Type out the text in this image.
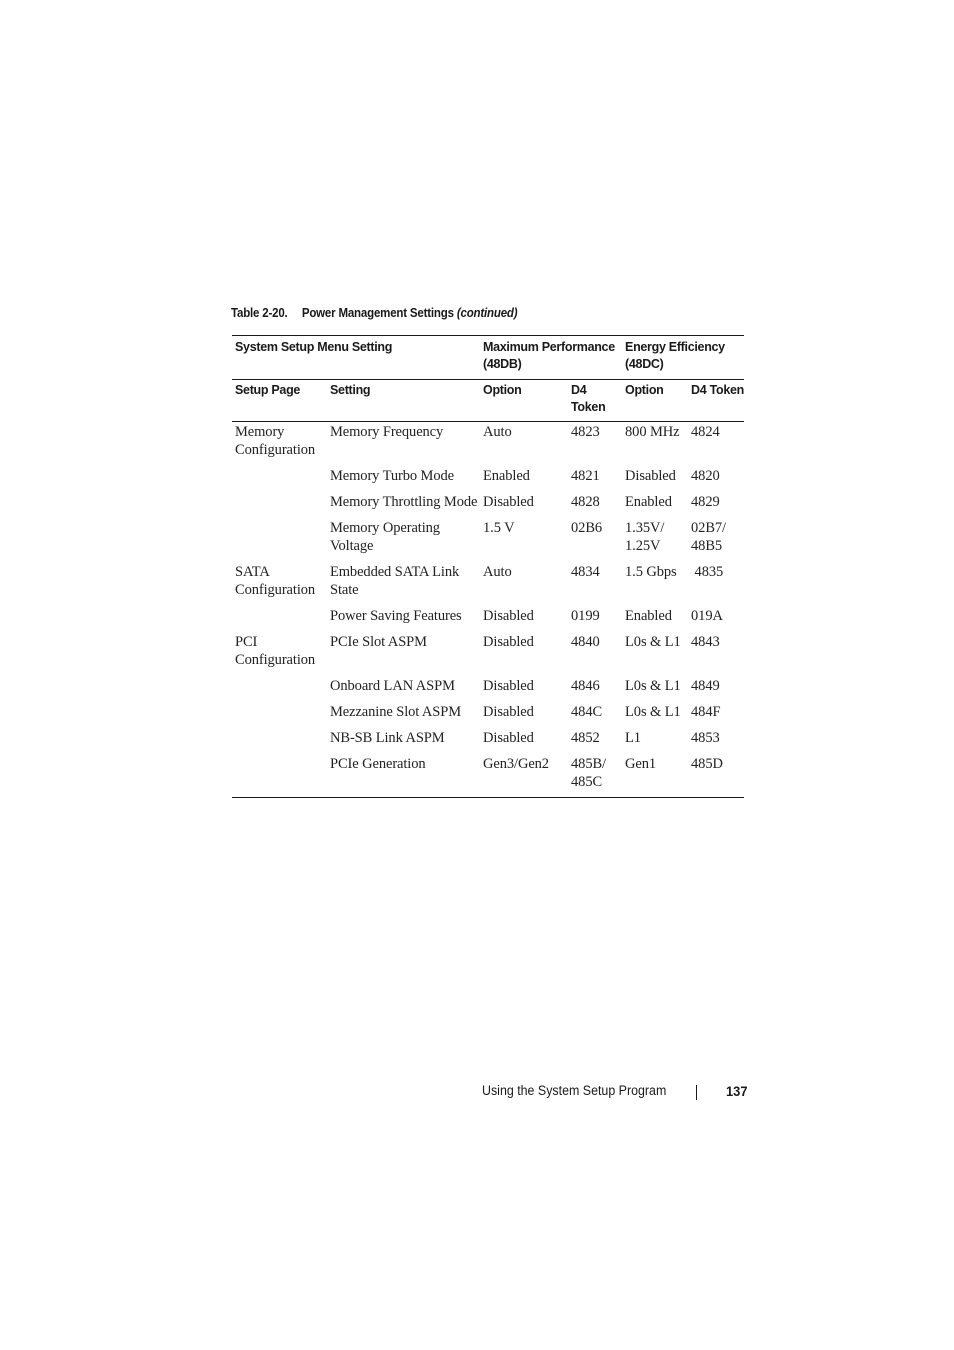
Table 2-20. Power Management Settings (continued)
System Setup Menu Setting		Maximum Performance (48DB)		Energy Efficiency (48DC)	
Setup Page	Setting	Option	D4 Token	Option	D4 Token
Memory Configuration	Memory Frequency	Auto	4823	800 MHz	4824
	Memory Turbo Mode	Enabled	4821	Disabled	4820
	Memory Throttling Mode	Disabled	4828	Enabled	4829
	Memory Operating Voltage	1.5 V	02B6	1.35V/ 1.25V	02B7/ 48B5
SATA Configuration	Embedded SATA Link State	Auto	4834	1.5 Gbps	4835
	Power Saving Features	Disabled	0199	Enabled	019A
PCI Configuration	PCIe Slot ASPM	Disabled	4840	L0s & L1	4843
	Onboard LAN ASPM	Disabled	4846	L0s & L1	4849
	Mezzanine Slot ASPM	Disabled	484C	L0s & L1	484F
	NB-SB Link ASPM	Disabled	4852	L1	4853
	PCIe Generation	Gen3/Gen2	485B/ 485C	Gen1	485D
Using the System Setup Program	137
